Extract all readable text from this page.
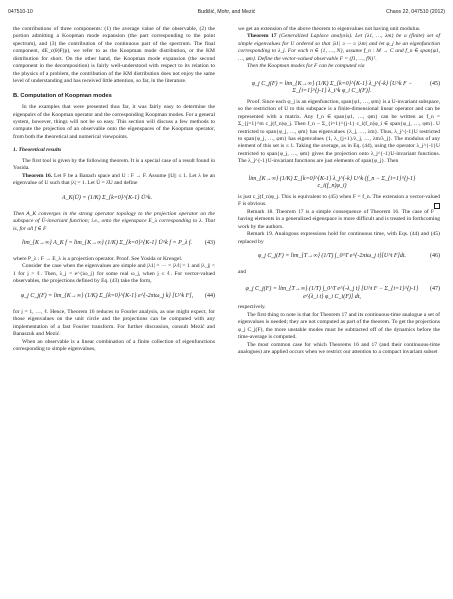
047510-10	Budišić, Mohr, and Mezić	Chaos 22, 047510 (2012)

the contributions of three components: (1) the average value of the observable, (2) the portion admitting a Koopman mode expansion (the part corresponding to the point spectrum), and (3) the contribution of the continuous part of the spectrum. The final component, dE_c(θ)F(p), we refer to as the Koopman mode distribution, or the KM distribution for short. On the other hand, the Koopman mode expansion (the second component in the decomposition) is fairly well-understood with respect to its relation to the physics of a problem, the contribution of the KM distribution does not enjoy the same level of understanding and has received little attention, so far, in the literature.

B. Computation of Koopman modes

In the examples that were presented thus far, it was fairly easy to determine the eigenpairs of the Koopman operator and the corresponding Koopman modes. For a general system, however, things will not be so easy. This section will discuss a few methods to compute the projection of an observable onto the eigenspaces of the Koopman operator, from both the theoretical and numerical viewpoints.

1. Theoretical results

The first tool is given by the following theorem. It is a special case of a result found in Yosida.

Theorem 16. Let F be a Banach space and U : F → F. Assume ||U|| ≤ 1. Let λ be an eigenvalue of U such that |λ| = 1. Let Ū = λ̄U and define

A_K(Ū) = (1/K) Σ_{k=0}^{K-1} Ū^k.

Then A_K converges in the strong operator topology to the projection operator on the subspace of Ū-invariant function; i.e., onto the eigenspace E_λ corresponding to λ. That is, for all f ∈ F

lim_{K→∞} A_K f = lim_{K→∞} (1/K) Σ_{k=0}^{K-1} Ū^k f = P_λ f.	(43)

where P_λ : F → E_λ is a projection operator. Proof. See Yosida or Krengel.

Consider the case when the eigenvalues are simple and |λ1| = ··· = |λℓ| = 1 and |λ_j| < 1 for j > ℓ. Then, λ_j = e^{iω_j} for some real ω_j, when j ≤ ℓ. For vector-valued observables, the projections defined by Eq. (43) take the form,

φ_j C_j(F) = lim_{K→∞} (1/K) Σ_{k=0}^{K-1} e^{-2πiω_j k} [U^k F],	(44)

for j = 1, …, ℓ. Hence, Theorem 16 reduces to Fourier analysis, as one might expect, for those eigenvalues on the unit circle and the projections can be computed with any implementation of a fast Fourier transform. For further discussion, consult Mezić and Banaszuk and Mezić.

When an observable is a linear combination of a finite collection of eigenfunctions corresponding to simple eigenvalues,

we get an extension of the above theorem to eigenvalues not having unit modulus.

Theorem 17 (Generalized Laplace analysis). Let {λ1, …, λm} be a (finite) set of simple eigenvalues for U ordered so that |λ1| ≥ ··· ≥ |λm| and let φ_j be an eigenfunction corresponding to λ_j. For each n ∈ {1, …, N}, assume f_n : M → C and f_n ∈ span{φ1, …, φm}. Define the vector-valued observable F = (f1, …, fN)ᵀ.

Then the Koopman modes for F can be computed via

φ_j C_j(F) = lim_{K→∞} (1/K) Σ_{k=0}^{K-1} λ_j^{-k} [U^k F − Σ_{i=1}^{j-1} λ_i^k φ_i C_i(F)].
(45)

Proof. Since each φ_j is an eigenfunction, span{φ1, …, φm} is a U-invariant subspace, so the restriction of U to this subspace is a finite-dimensional linear operator and can be represented with a matrix. Any f_n ∈ span{φ1, …, φm} can be written as f_n = Σ_{j=1}^m c_j(f_n)φ_j. Then f_n − Σ_{i=1}^{j-1} c_i(f_n)φ_i ∈ span{φ_j, …, φm}. U restricted to span{φ_j, …, φm} has eigenvalues {λ_j, …, λm}. Thus, λ_j^{-1}U restricted to span{φ_j, …, φm} has eigenvalues {1, λ_{j+1}/λ_j, …, λm/λ_j}. The modulus of any element of this set is ≤ 1. Taking the average, as in Eq. (44), using the operator λ_j^{-1}U restricted to span{φ_j, …, φm} gives the projection onto λ_j^{-1}U-invariant functions. The λ_j^{-1}U-invariant functions are just elements of span{φ_j}. Then

lim_{K→∞} (1/K) Σ_{k=0}^{K-1} λ_j^{-k} U^k (f_n − Σ_{i=1}^{j-1} c_i(f_n)φ_i)

is just c_j(f_n)φ_j. This is equivalent to (45) when F = f_n. The extension a vector-valued F is obvious.

Remark 18. Theorem 17 is a simple consequence of Theorem 16. The case of F having elements in a generalized eigenspace is more difficult and is treated in forthcoming work by the authors.

Remark 19. Analogous expressions hold for continuous time, with Eqs. (44) and (45) replaced by

φ_j C_j(F) = lim_{T→∞} (1/T) ∫_0^T e^{-2πiω_j t}[U^t F]dt.	(46)

and

φ_j C_j(F) = lim_{T→∞} (1/T) ∫_0^T e^{-λ_j t} [U^t F − Σ_{i=1}^{j-1} e^{λ_i t} φ_i C_i(F)] dt,
(47)

respectively.

The first thing to note is that for Theorem 17 and its continuous-time analogue a set of eigenvalues is needed; they are not computed as part of the theorem. To get the projections φ_j C_j(F), the more unstable modes must be subtracted off of the dynamics before the time-average is computed.

The most common case for which Theorems 16 and 17 (and their continuous-time analogues) are applied occurs when we restrict our attention to a compact invariant subset
